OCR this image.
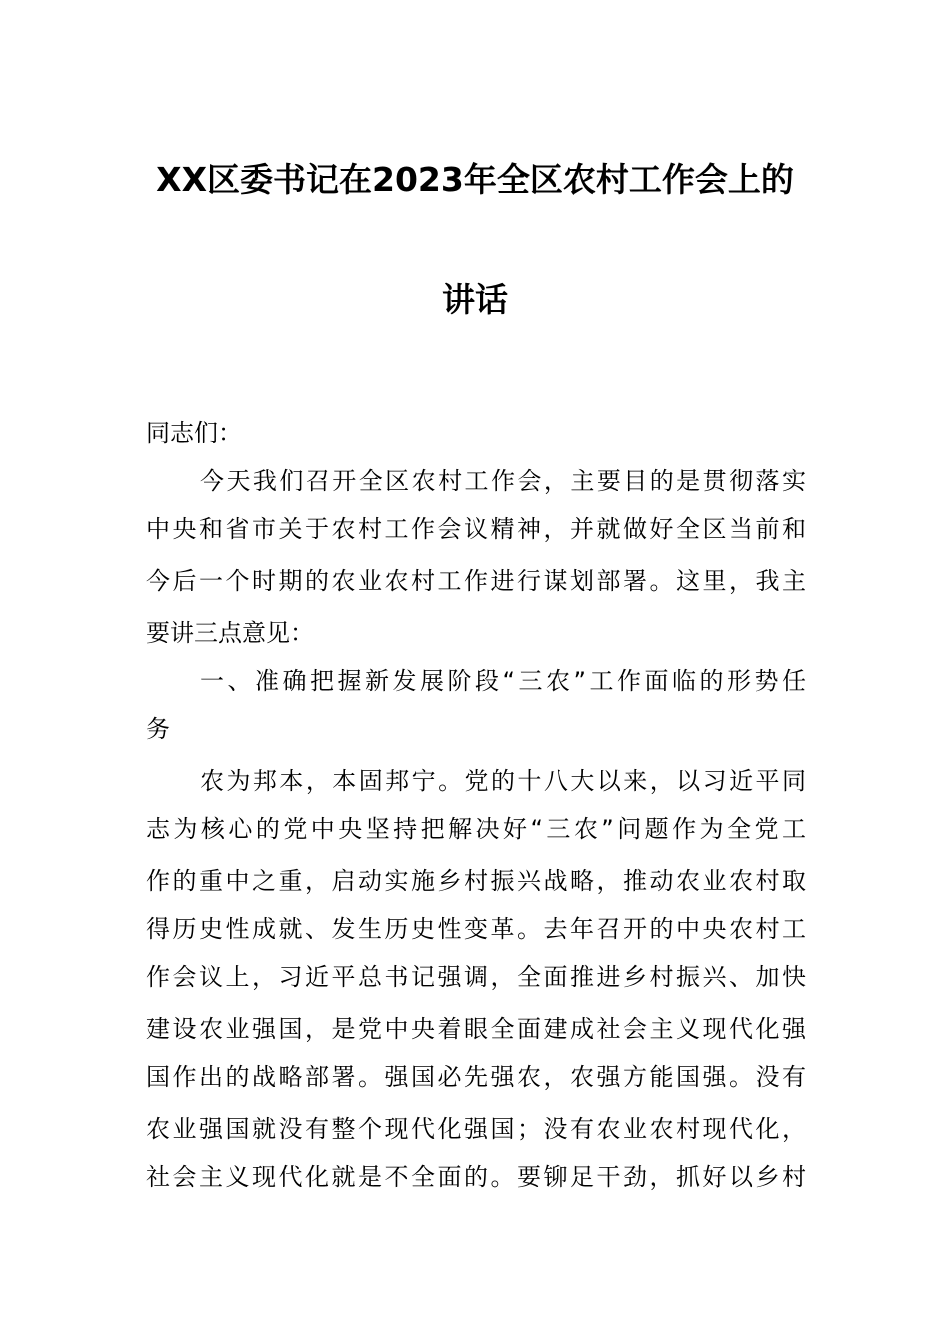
XX区委书记在2023年全区农村工作会上的
讲话

同志们：

今天我们召开全区农村工作会，主要目的是贯彻落实

中央和省市关于农村工作会议精神，并就做好全区当前和

今后一个时期的农业农村工作进行谋划部署。这里，我主

要讲三点意见：

一、准确把握新发展阶段“三农”工作面临的形势任

务

农为邦本，本固邦宁。党的十八大以来，以习近平同

志为核心的党中央坚持把解决好“三农”问题作为全党工

作的重中之重，启动实施乡村振兴战略，推动农业农村取

得历史性成就、发生历史性变革。去年召开的中央农村工

作会议上，习近平总书记强调，全面推进乡村振兴、加快

建设农业强国，是党中央着眼全面建成社会主义现代化强

国作出的战略部署。强国必先强农，农强方能国强。没有

农业强国就没有整个现代化强国；没有农业农村现代化，

社会主义现代化就是不全面的。要铆足干劲，抓好以乡村
